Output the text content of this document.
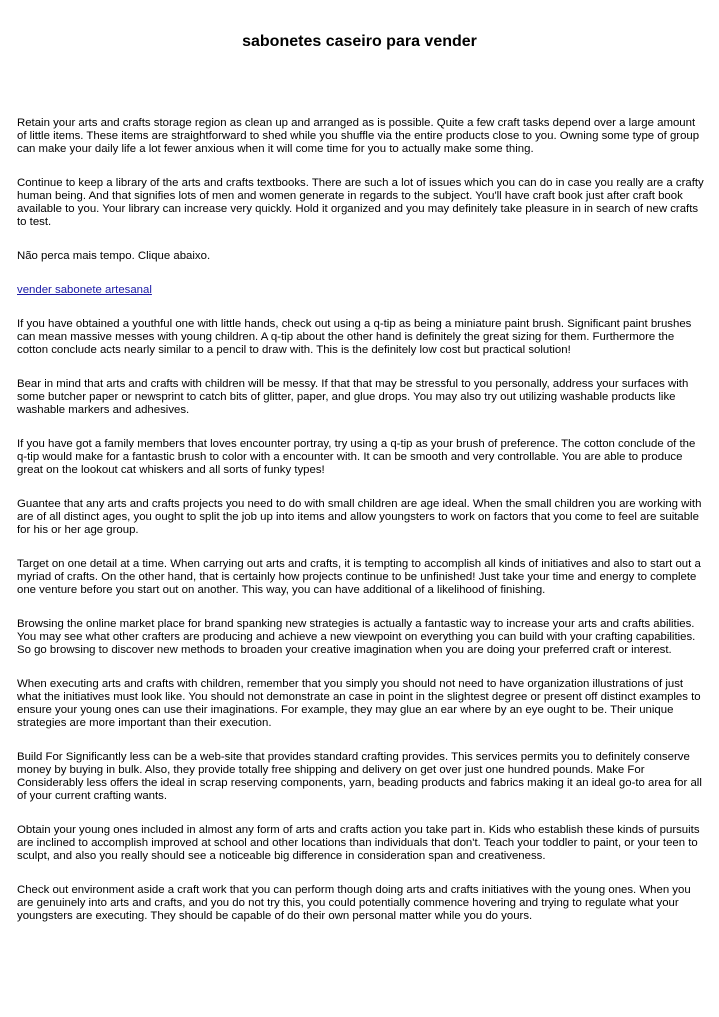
sabonetes caseiro para vender

Retain your arts and crafts storage region as clean up and arranged as is possible. Quite a few craft tasks depend over a large amount of little items. These items are straightforward to shed while you shuffle via the entire products close to you. Owning some type of group can make your daily life a lot fewer anxious when it will come time for you to actually make some thing.

Continue to keep a library of the arts and crafts textbooks. There are such a lot of issues which you can do in case you really are a crafty human being. And that signifies lots of men and women generate in regards to the subject. You'll have craft book just after craft book available to you. Your library can increase very quickly. Hold it organized and you may definitely take pleasure in in search of new crafts to test.

Não perca mais tempo. Clique abaixo.

vender sabonete artesanal

If you have obtained a youthful one with little hands, check out using a q-tip as being a miniature paint brush. Significant paint brushes can mean massive messes with young children. A q-tip about the other hand is definitely the great sizing for them. Furthermore the cotton conclude acts nearly similar to a pencil to draw with. This is the definitely low cost but practical solution!

Bear in mind that arts and crafts with children will be messy. If that that may be stressful to you personally, address your surfaces with some butcher paper or newsprint to catch bits of glitter, paper, and glue drops. You may also try out utilizing washable products like washable markers and adhesives.

If you have got a family members that loves encounter portray, try using a q-tip as your brush of preference. The cotton conclude of the q-tip would make for a fantastic brush to color with a encounter with. It can be smooth and very controllable. You are able to produce great on the lookout cat whiskers and all sorts of funky types!

Guantee that any arts and crafts projects you need to do with small children are age ideal. When the small children you are working with are of all distinct ages, you ought to split the job up into items and allow youngsters to work on factors that you come to feel are suitable for his or her age group.

Target on one detail at a time. When carrying out arts and crafts, it is tempting to accomplish all kinds of initiatives and also to start out a myriad of crafts. On the other hand, that is certainly how projects continue to be unfinished! Just take your time and energy to complete one venture before you start out on another. This way, you can have additional of a likelihood of finishing.

Browsing the online market place for brand spanking new strategies is actually a fantastic way to increase your arts and crafts abilities. You may see what other crafters are producing and achieve a new viewpoint on everything you can build with your crafting capabilities. So go browsing to discover new methods to broaden your creative imagination when you are doing your preferred craft or interest.

When executing arts and crafts with children, remember that you simply you should not need to have organization illustrations of just what the initiatives must look like. You should not demonstrate an case in point in the slightest degree or present off distinct examples to ensure your young ones can use their imaginations. For example, they may glue an ear where by an eye ought to be. Their unique strategies are more important than their execution.

Build For Significantly less can be a web-site that provides standard crafting provides. This services permits you to definitely conserve money by buying in bulk. Also, they provide totally free shipping and delivery on get over just one hundred pounds. Make For Considerably less offers the ideal in scrap reserving components, yarn, beading products and fabrics making it an ideal go-to area for all of your current crafting wants.

Obtain your young ones included in almost any form of arts and crafts action you take part in. Kids who establish these kinds of pursuits are inclined to accomplish improved at school and other locations than individuals that don't. Teach your toddler to paint, or your teen to sculpt, and also you really should see a noticeable big difference in consideration span and creativeness.

Check out environment aside a craft work that you can perform though doing arts and crafts initiatives with the young ones. When you are genuinely into arts and crafts, and you do not try this, you could potentially commence hovering and trying to regulate what your youngsters are executing. They should be capable of do their own personal matter while you do yours.
